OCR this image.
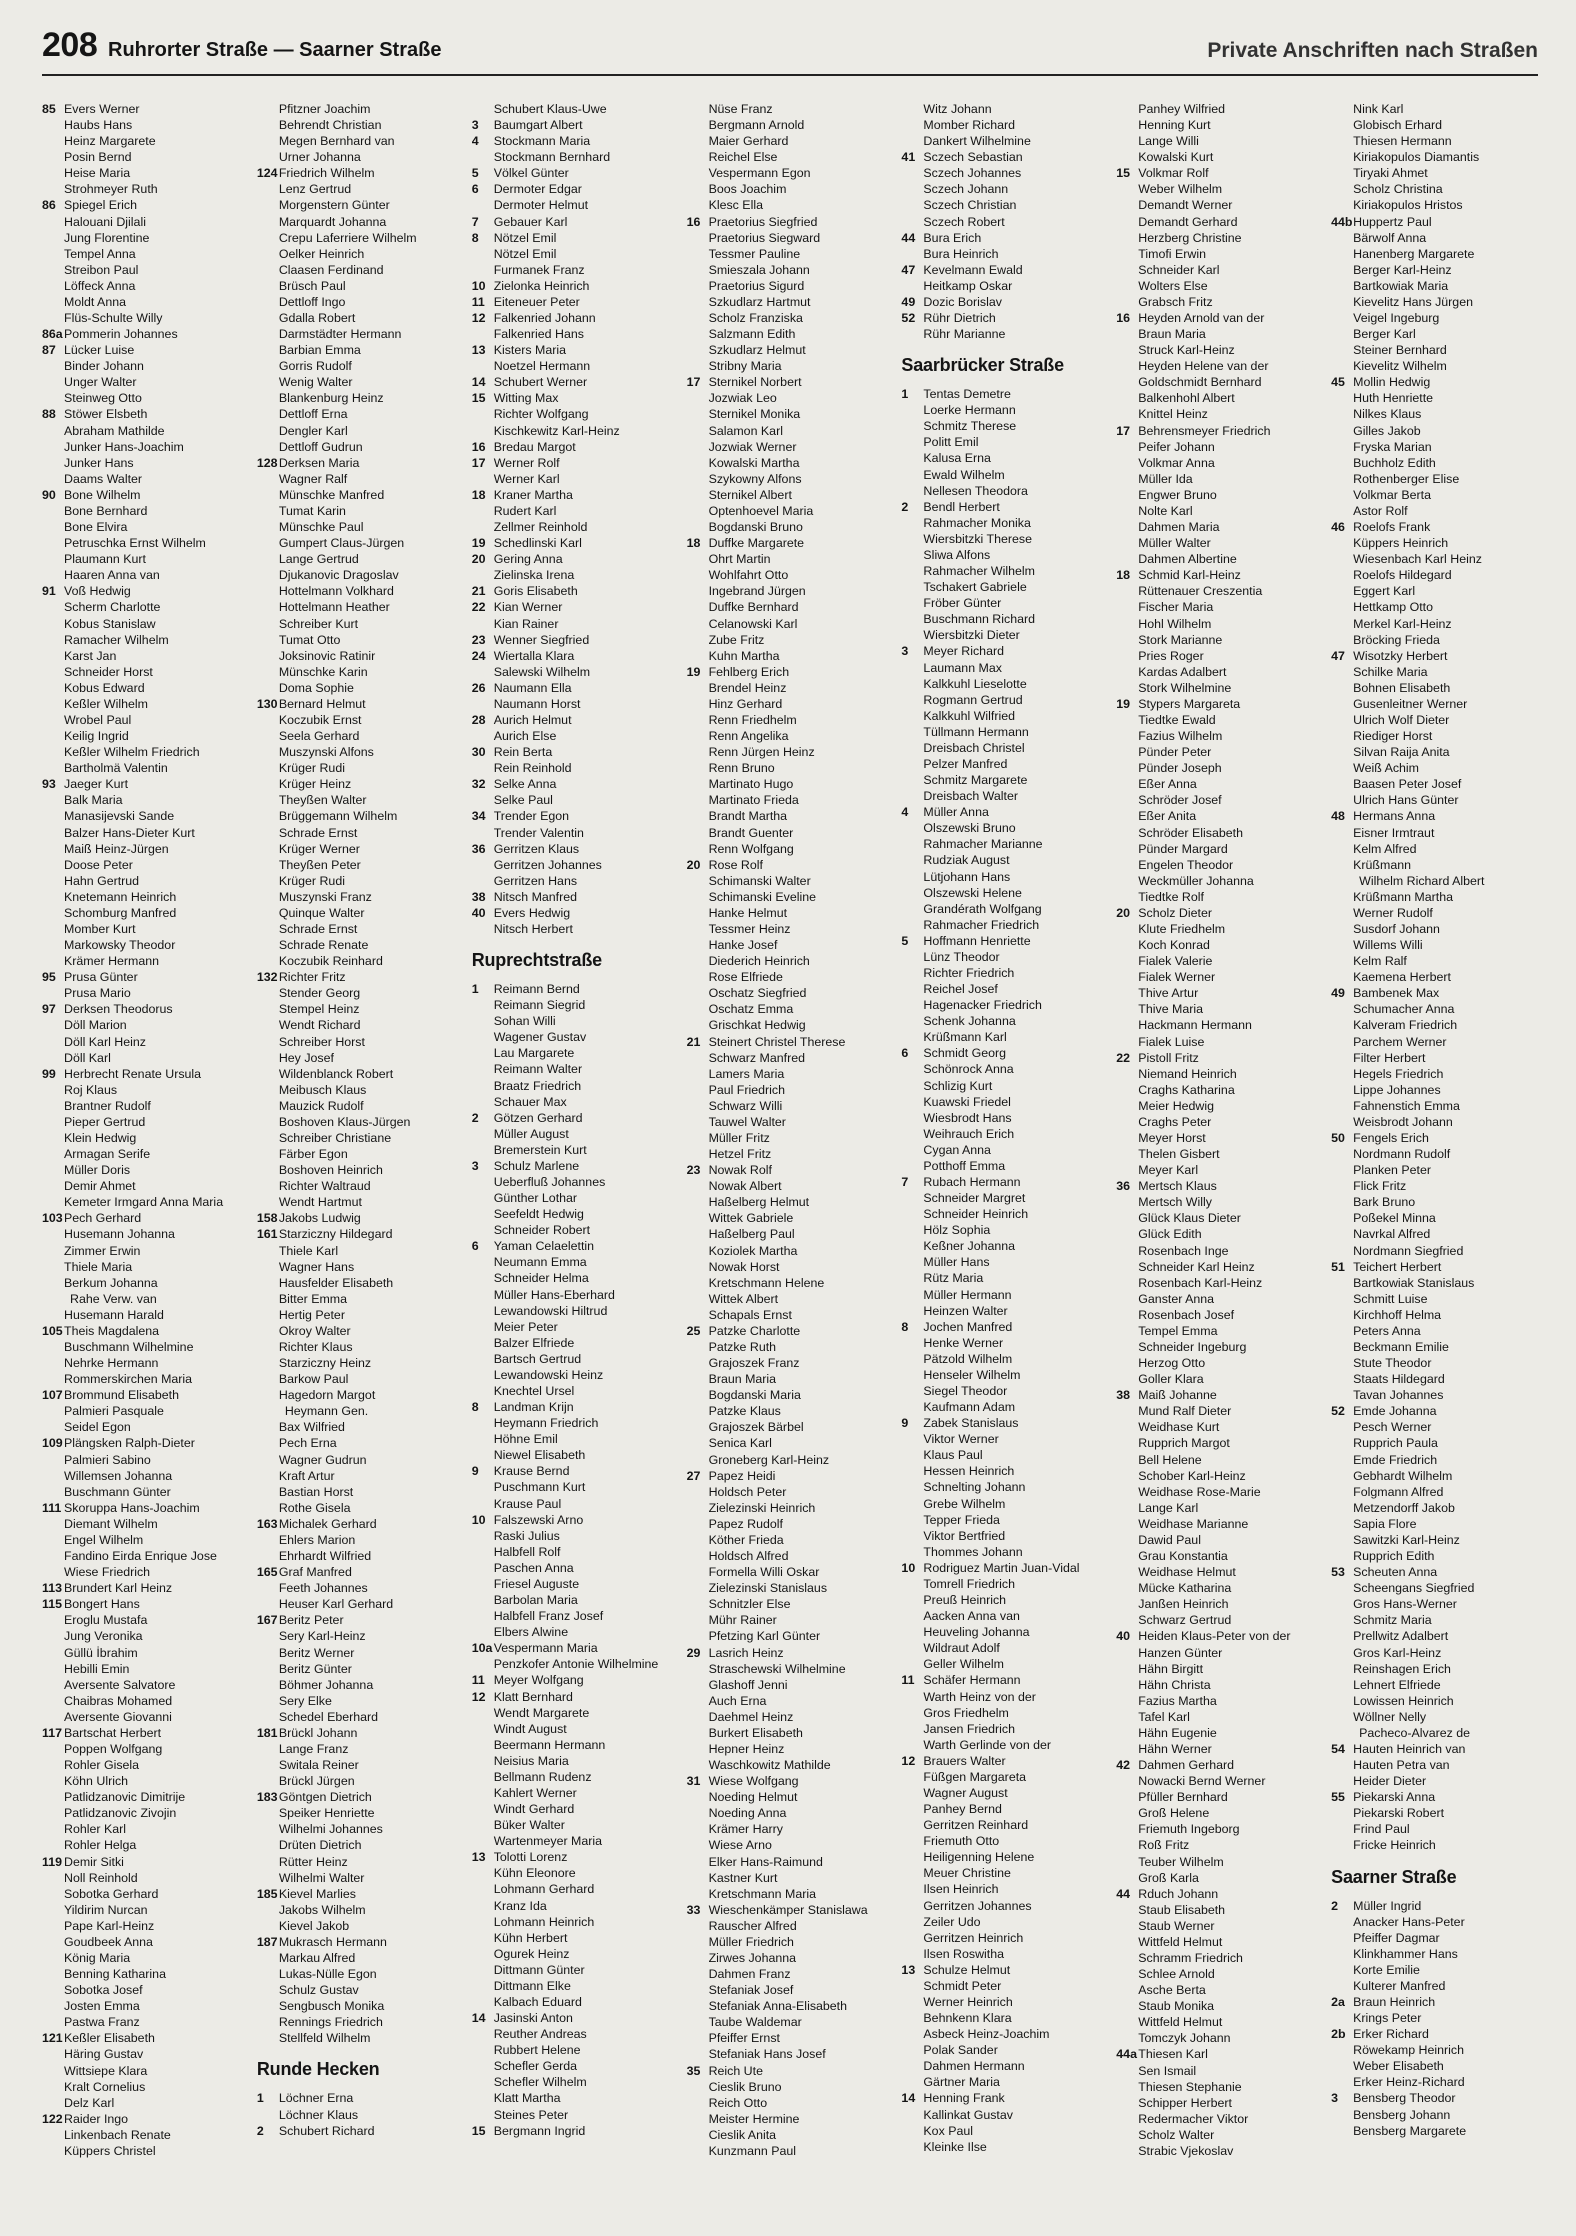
208 Ruhrorter Straße — Saarner Straße	Private Anschriften nach Straßen
85 Evers Werner
Haubs Hans
Heinz Margarete
Posin Bernd
Heise Maria
Strohmeyer Ruth
86 Spiegel Erich
Halouani Djilali
Jung Florentine
Tempel Anna
Streibon Paul
Löffeck Anna
Moldt Anna
Flüs-Schulte Willy
86aPommerin Johannes
87 Lücker Luise
Binder Johann
Unger Walter
Steinweg Otto
88 Stöwer Elsbeth
Abraham Mathilde
Junker Hans-Joachim
Junker Hans
Daams Walter
90 Bone Wilhelm
Bone Bernhard
Bone Elvira
Petruschka Ernst Wilhelm
Plaumann Kurt
Haaren Anna van
91 Voß Hedwig
Scherm Charlotte
Kobus Stanislaw
Ramacher Wilhelm
Karst Jan
Schneider Horst
Kobus Edward
Keßler Wilhelm
Wrobel Paul
Keilig Ingrid
Keßler Wilhelm Friedrich
Bartholmä Valentin
93 Jaeger Kurt
Balk Maria
Manasijevski Sande
Balzer Hans-Dieter Kurt
Maiß Heinz-Jürgen
Doose Peter
Hahn Gertrud
Knetemann Heinrich
Schomburg Manfred
Momber Kurt
Markowsky Theodor
Krämer Hermann
95 Prusa Günter
Prusa Mario
97 Derksen Theodorus
Döll Marion
Döll Karl Heinz
Döll Karl
99 Herbrecht Renate Ursula
Roj Klaus
Brantner Rudolf
Pieper Gertrud
Klein Hedwig
Armagan Serife
Müller Doris
Demir Ahmet
Kemeter Irmgard Anna Maria
103Pech Gerhard
Husemann Johanna
Zimmer Erwin
Thiele Maria
Berkum Johanna
Rahe Verw. van
Husemann Harald
105Theis Magdalena
Buschmann Wilhelmine
Nehrke Hermann
Rommerskirchen Maria
107Brommund Elisabeth
Palmieri Pasquale
Seidel Egon
109Plängsken Ralph-Dieter
Palmieri Sabino
Willemsen Johanna
Buschmann Günter
111 Skoruppa Hans-Joachim
Diemant Wilhelm
Engel Wilhelm
Fandino Eirda Enrique Jose
Wiese Friedrich
113 Brundert Karl Heinz
115 Bongert Hans
Eroglu Mustafa
Jung Veronika
Güllü İbrahim
Hebilli Emin
Aversente Salvatore
Chaibras Mohamed
Aversente Giovanni
117 Bartschat Herbert
Poppen Wolfgang
Rohler Gisela
Köhn Ulrich
Patlidzanovic Dimitrije
Patlidzanovic Zivojin
Rohler Karl
Rohler Helga
119 Demir Sitki
Noll Reinhold
Sobotka Gerhard
Yildirim Nurcan
Pape Karl-Heinz
Goudbeek Anna
König Maria
Benning Katharina
Sobotka Josef
Josten Emma
Pastwa Franz
121Keßler Elisabeth
Häring Gustav
Wittsiepe Klara
Kralt Cornelius
Delz Karl
122Raider Ingo
Linkenbach Renate
Küppers Christel
Pfitzner Joachim
Behrendt Christian
Megen Bernhard van
Urner Johanna
124Friedrich Wilhelm
Lenz Gertrud
Morgenstern Günter
Marquardt Johanna
Crepu Laferriere Wilhelm
Oelker Heinrich
Claasen Ferdinand
Brüsch Paul
Dettloff Ingo
Gdalla Robert
Darmstädter Hermann
Barbian Emma
Gorris Rudolf
Wenig Walter
Blankenburg Heinz
Dettloff Erna
Dengler Karl
Dettloff Gudrun
128Derksen Maria
Wagner Ralf
Münschke Manfred
Tumat Karin
Münschke Paul
Gumpert Claus-Jürgen
Lange Gertrud
Djukanovic Dragoslav
Hottelmann Volkhard
Hottelmann Heather
Schreiber Kurt
Tumat Otto
Joksinovic Ratinir
Münschke Karin
Doma Sophie
130Bernard Helmut
Koczubik Ernst
Seela Gerhard
Muszynski Alfons
Krüger Rudi
Krüger Heinz
Theyßen Walter
Brüggemann Wilhelm
Schrade Ernst
Krüger Werner
Theyßen Peter
Krüger Rudi
Muszynski Franz
Quinque Walter
Schrade Ernst
Schrade Renate
Koczubik Reinhard
132Richter Fritz
Stender Georg
Stempel Heinz
Wendt Richard
Schreiber Horst
Hey Josef
Wildenblanck Robert
Meibusch Klaus
Mauzick Rudolf
Boshoven Klaus-Jürgen
Schreiber Christiane
Färber Egon
Boshoven Heinrich
Richter Waltraud
Wendt Hartmut
158Jakobs Ludwig
161Starziczny Hildegard
Thiele Karl
Wagner Hans
Hausfelder Elisabeth
Bitter Emma
Hertig Peter
Okroy Walter
Richter Klaus
Starziczny Heinz
Barkow Paul
Hagedorn Margot
Heymann Gen.
Bax Wilfried
Pech Erna
Wagner Gudrun
Kraft Artur
Bastian Horst
Rothe Gisela
163Michalek Gerhard
Ehlers Marion
Ehrhardt Wilfried
165Graf Manfred
Feeth Johannes
Heuser Karl Gerhard
167Beritz Peter
Sery Karl-Heinz
Beritz Werner
Beritz Günter
Böhmer Johanna
Sery Elke
Schedel Eberhard
181Brückl Johann
Lange Franz
Switala Reiner
Brückl Jürgen
183Göntgen Dietrich
Speiker Henriette
Wilhelmi Johannes
Drüten Dietrich
Rütter Heinz
Wilhelmi Walter
185Kievel Marlies
Jakobs Wilhelm
Kievel Jakob
187Mukrasch Hermann
Markau Alfred
Lukas-Nülle Egon
Schulz Gustav
Sengbusch Monika
Rennings Friedrich
Stellfeld Wilhelm
Runde Hecken
1 Löchner Erna
Löchner Klaus
2 Schubert Richard
Schubert Klaus-Uwe
3 Baumgart Albert
4 Stockmann Maria
Stockmann Bernhard
5 Völkel Günter
6 Dermoter Edgar
Dermoter Helmut
7 Gebauer Karl
8 Nötzel Emil
Nötzel Emil
Furmanek Franz
10 Zielonka Heinrich
11 Eiteneuer Peter
12 Falkenried Johann
Falkenried Hans
13 Kisters Maria
Noetzel Hermann
14 Schubert Werner
15 Witting Max
Richter Wolfgang
Kischkewitz Karl-Heinz
16 Bredau Margot
17 Werner Rolf
Werner Karl
18 Kraner Martha
Rudert Karl
Zellmer Reinhold
19 Schedlinski Karl
20 Gering Anna
Zielinska Irena
21 Goris Elisabeth
22 Kian Werner
Kian Rainer
23 Wenner Siegfried
24 Wiertalla Klara
Salewski Wilhelm
26 Naumann Ella
Naumann Horst
28 Aurich Helmut
Aurich Else
30 Rein Berta
Rein Reinhold
32 Selke Anna
Selke Paul
34 Trender Egon
Trender Valentin
36 Gerritzen Klaus
Gerritzen Johannes
Gerritzen Hans
38 Nitsch Manfred
40 Evers Hedwig
Nitsch Herbert
Ruprechtstraße
1 Reimann Bernd
Reimann Siegrid
Sohan Willi
Wagener Gustav
Lau Margarete
Reimann Walter
Braatz Friedrich
Schauer Max
2 Götzen Gerhard
Müller August
Bremerstein Kurt
3 Schulz Marlene
Ueberfluß Johannes
Günther Lothar
Seefeldt Hedwig
Schneider Robert
6 Yaman Celaelettin
Neumann Emma
Schneider Helma
Müller Hans-Eberhard
Lewandowski Hiltrud
Meier Peter
Balzer Elfriede
Bartsch Gertrud
Lewandowski Heinz
Knechtel Ursel
8 Landman Krijn
Heymann Friedrich
Höhne Emil
Niewel Elisabeth
9 Krause Bernd
Puschmann Kurt
Krause Paul
10 Falszewski Arno
Raski Julius
Halbfell Rolf
Paschen Anna
Friesel Auguste
Barbolan Maria
Halbfell Franz Josef
Elbers Alwine
10aVespermann Maria
Penzkofer Antonie Wilhelmine
11 Meyer Wolfgang
12 Klatt Bernhard
Wendt Margarete
Windt August
Beermann Hermann
Neisius Maria
Bellmann Rudenz
Kahlert Werner
Windt Gerhard
Büker Walter
Wartenmeyer Maria
13 Tolotti Lorenz
Kühn Eleonore
Lohmann Gerhard
Kranz Ida
Lohmann Heinrich
Kühn Herbert
Ogurek Heinz
Dittmann Günter
Dittmann Elke
Kalbach Eduard
14 Jasinski Anton
Reuther Andreas
Rubbert Helene
Schefler Gerda
Schefler Wilhelm
Klatt Martha
Steines Peter
15 Bergmann Ingrid
Nüse Franz
Bergmann Arnold
Maier Gerhard
Reichel Else
Vespermann Egon
Boos Joachim
Klesc Ella
16 Praetorius Siegfried
Praetorius Siegward
Tessmer Pauline
Smieszala Johann
Praetorius Sigurd
Szkudlarz Hartmut
Scholz Franziska
Salzmann Edith
Szkudlarz Helmut
Stribny Maria
17 Sternikel Norbert
Jozwiak Leo
Sternikel Monika
Salamon Karl
Jozwiak Werner
Kowalski Martha
Szykowny Alfons
Sternikel Albert
Optenhoevel Maria
Bogdanski Bruno
18 Duffke Margarete
Ohrt Martin
Wohlfahrt Otto
Ingebrand Jürgen
Duffke Bernhard
Celanowski Karl
Zube Fritz
Kuhn Martha
19 Fehlberg Erich
Brendel Heinz
Hinz Gerhard
Renn Friedhelm
Renn Angelika
Renn Jürgen Heinz
Renn Bruno
Martinato Hugo
Martinato Frieda
Brandt Martha
Brandt Guenter
Renn Wolfgang
20 Rose Rolf
Schimanski Walter
Schimanski Eveline
Hanke Helmut
Tessmer Heinz
Hanke Josef
Diederich Heinrich
Rose Elfriede
Oschatz Siegfried
Oschatz Emma
Grischkat Hedwig
21 Steinert Christel Therese
Schwarz Manfred
Lamers Maria
Paul Friedrich
Schwarz Willi
Tauwel Walter
Müller Fritz
Hetzel Fritz
23 Nowak Rolf
Nowak Albert
Haßelberg Helmut
Wittek Gabriele
Haßelberg Paul
Koziolek Martha
Nowak Horst
Kretschmann Helene
Wittek Albert
Schapals Ernst
25 Patzke Charlotte
Patzke Ruth
Grajoszek Franz
Braun Maria
Bogdanski Maria
Patzke Klaus
Grajoszek Bärbel
Senica Karl
Groneberg Karl-Heinz
27 Papez Heidi
Holdsch Peter
Zielezinski Heinrich
Papez Rudolf
Köther Frieda
Holdsch Alfred
Formella Willi Oskar
Zielezinski Stanislaus
Schnitzler Else
Mühr Rainer
Pfetzing Karl Günter
29 Lasrich Heinz
Straschewski Wilhelmine
Glashoff Jenni
Auch Erna
Daehmel Heinz
Burkert Elisabeth
Hepner Heinz
Waschkowitz Mathilde
31 Wiese Wolfgang
Noeding Helmut
Noeding Anna
Krämer Harry
Wiese Arno
Elker Hans-Raimund
Kastner Kurt
Kretschmann Maria
33 Wieschenkämper Stanislawa
Rauscher Alfred
Müller Friedrich
Zirwes Johanna
Dahmen Franz
Stefaniak Josef
Stefaniak Anna-Elisabeth
Taube Waldemar
Pfeiffer Ernst
Stefaniak Hans Josef
35 Reich Ute
Cieslik Bruno
Reich Otto
Meister Hermine
Cieslik Anita
Kunzmann Paul
Witz Johann
Momber Richard
Dankert Wilhelmine
41 Sczech Sebastian
Sczech Johannes
Sczech Johann
Sczech Christian
Sczech Robert
44 Bura Erich
Bura Heinrich
47 Kevelmann Ewald
Heitkamp Oskar
49 Dozic Borislav
52 Rühr Dietrich
Rühr Marianne
Saarbrücker Straße
1 Tentas Demetre
Loerke Hermann
Schmitz Therese
Politt Emil
Kalusa Erna
Ewald Wilhelm
Nellesen Theodora
2 Bendl Herbert
Rahmacher Monika
Wiersbitzki Therese
Sliwa Alfons
Rahmacher Wilhelm
Tschakert Gabriele
Fröber Günter
Buschmann Richard
Wiersbitzki Dieter
3 Meyer Richard
Laumann Max
Kalkkuhl Lieselotte
Rogmann Gertrud
Kalkkuhl Wilfried
Tüllmann Hermann
Dreisbach Christel
Pelzer Manfred
Schmitz Margarete
Dreisbach Walter
4 Müller Anna
Olszewski Bruno
Rahmacher Marianne
Rudziak August
Lütjohann Hans
Olszewski Helene
Grandérath Wolfgang
Rahmacher Friedrich
5 Hoffmann Henriette
Lünz Theodor
Richter Friedrich
Reichel Josef
Hagenacker Friedrich
Schenk Johanna
Krüßmann Karl
6 Schmidt Georg
Schönrock Anna
Schlizig Kurt
Kuawski Friedel
Wiesbrodt Hans
Weihrauch Erich
Cygan Anna
Potthoff Emma
7 Rubach Hermann
Schneider Margret
Schneider Heinrich
Hölz Sophia
Keßner Johanna
Müller Hans
Rütz Maria
Müller Hermann
Heinzen Walter
8 Jochen Manfred
Henke Werner
Pätzold Wilhelm
Henseler Wilhelm
Siegel Theodor
Kaufmann Adam
9 Zabek Stanislaus
Viktor Werner
Klaus Paul
Hessen Heinrich
Schnelting Johann
Grebe Wilhelm
Tepper Frieda
Viktor Bertfried
Thommes Johann
10 Rodriguez Martin Juan-Vidal
Tomrell Friedrich
Preuß Heinrich
Aacken Anna van
Heuveling Johanna
Wildraut Adolf
Geller Wilhelm
11 Schäfer Hermann
Warth Heinz von der
Gros Friedhelm
Jansen Friedrich
Warth Gerlinde von der
12 Brauers Walter
Füßgen Margareta
Wagner August
Panhey Bernd
Gerritzen Reinhard
Friemuth Otto
Heiligenning Helene
Meuer Christine
Ilsen Heinrich
Gerritzen Johannes
Zeiler Udo
Gerritzen Heinrich
Ilsen Roswitha
13 Schulze Helmut
Schmidt Peter
Werner Heinrich
Behnkenn Klara
Asbeck Heinz-Joachim
Polak Sander
Dahmen Hermann
Gärtner Maria
14 Henning Frank
Kallinkat Gustav
Kox Paul
Kleinke Ilse
Panhey Wilfried
Henning Kurt
Lange Willi
Kowalski Kurt
15 Volkmar Rolf
Weber Wilhelm
Demandt Werner
Demandt Gerhard
Herzberg Christine
Timofi Erwin
Schneider Karl
Wolters Else
Grabsch Fritz
16 Heyden Arnold van der
Braun Maria
Struck Karl-Heinz
Heyden Helene van der
Goldschmidt Bernhard
Balkenhohl Albert
Knittel Heinz
17 Behrensmeyer Friedrich
Peifer Johann
Volkmar Anna
Müller Ida
Engwer Bruno
Nolte Karl
Dahmen Maria
Müller Walter
Dahmen Albertine
18 Schmid Karl-Heinz
Rüttenauer Creszentia
Fischer Maria
Hohl Wilhelm
Stork Marianne
Pries Roger
Kardas Adalbert
Stork Wilhelmine
19 Stypers Margareta
Tiedtke Ewald
Fazius Wilhelm
Pünder Peter
Pünder Joseph
Eßer Anna
Schröder Josef
Eßer Anita
Schröder Elisabeth
Pünder Margard
Engelen Theodor
Weckmüller Johanna
Tiedtke Rolf
20 Scholz Dieter
Klute Friedhelm
Koch Konrad
Fialek Valerie
Fialek Werner
Thive Artur
Thive Maria
Hackmann Hermann
Fialek Luise
22 Pistoll Fritz
Niemand Heinrich
Craghs Katharina
Meier Hedwig
Craghs Peter
Meyer Horst
Thelen Gisbert
Meyer Karl
36 Mertsch Klaus
Mertsch Willy
Glück Klaus Dieter
Glück Edith
Rosenbach Inge
Schneider Karl Heinz
Rosenbach Karl-Heinz
Ganster Anna
Rosenbach Josef
Tempel Emma
Schneider Ingeburg
Herzog Otto
Goller Klara
38 Maiß Johanne
Mund Ralf Dieter
Weidhase Kurt
Rupprich Margot
Bell Helene
Schober Karl-Heinz
Weidhase Rose-Marie
Lange Karl
Weidhase Marianne
Dawid Paul
Grau Konstantia
Weidhase Helmut
Mücke Katharina
Janßen Heinrich
Schwarz Gertrud
40 Heiden Klaus-Peter von der
Hanzen Günter
Hähn Birgitt
Hähn Christa
Fazius Martha
Tafel Karl
Hähn Eugenie
Hähn Werner
42 Dahmen Gerhard
Nowacki Bernd Werner
Pfüller Bernhard
Groß Helene
Friemuth Ingeborg
Roß Fritz
Teuber Wilhelm
Groß Karla
44 Rduch Johann
Staub Elisabeth
Staub Werner
Wittfeld Helmut
Schramm Friedrich
Schlee Arnold
Asche Berta
Staub Monika
Wittfeld Helmut
Tomczyk Johann
44aThiesen Karl
Sen Ismail
Thiesen Stephanie
Schipper Herbert
Redermacher Viktor
Scholz Walter
Strabic Vjekoslav
Nink Karl
Globisch Erhard
Thiesen Hermann
Kiriakopulos Diamantis
Tiryaki Ahmet
Scholz Christina
Kiriakopulos Hristos
44bHuppertz Paul
Bärwolf Anna
Hanenberg Margarete
Berger Karl-Heinz
Bartkowiak Maria
Kievelitz Hans Jürgen
Veigel Ingeburg
Berger Karl
Steiner Bernhard
Kievelitz Wilhelm
45 Mollin Hedwig
Huth Henriette
Nilkes Klaus
Gilles Jakob
Fryska Marian
Buchholz Edith
Rothenberger Elise
Volkmar Berta
Astor Rolf
46 Roelofs Frank
Küppers Heinrich
Wiesenbach Karl Heinz
Roelofs Hildegard
Eggert Karl
Hettkamp Otto
Merkel Karl-Heinz
Bröcking Frieda
47 Wisotzky Herbert
Schilke Maria
Bohnen Elisabeth
Gusenleitner Werner
Ulrich Wolf Dieter
Riediger Horst
Silvan Raija Anita
Weiß Achim
Baasen Peter Josef
Ulrich Hans Günter
48 Hermans Anna
Eisner Irmtraut
Kelm Alfred
Krüßmann
Wilhelm Richard Albert
Krüßmann Martha
Werner Rudolf
Susdorf Johann
Willems Willi
Kelm Ralf
Kaemena Herbert
49 Bambenek Max
Schumacher Anna
Kalveram Friedrich
Parchem Werner
Filter Herbert
Hegels Friedrich
Lippe Johannes
Fahnenstich Emma
Weisbrodt Johann
50 Fengels Erich
Nordmann Rudolf
Planken Peter
Flick Fritz
Bark Bruno
Poßekel Minna
Navrkal Alfred
Nordmann Siegfried
51 Teichert Herbert
Bartkowiak Stanislaus
Schmitt Luise
Kirchhoff Helma
Peters Anna
Beckmann Emilie
Stute Theodor
Staats Hildegard
Tavan Johannes
52 Emde Johanna
Pesch Werner
Rupprich Paula
Emde Friedrich
Gebhardt Wilhelm
Folgmann Alfred
Metzendorff Jakob
Sapia Flore
Sawitzki Karl-Heinz
Rupprich Edith
53 Scheuten Anna
Scheengans Siegfried
Gros Hans-Werner
Schmitz Maria
Prellwitz Adalbert
Gros Karl-Heinz
Reinshagen Erich
Lehnert Elfriede
Lowissen Heinrich
Wöllner Nelly
Pacheco-Alvarez de
54 Hauten Heinrich van
Hauten Petra van
Heider Dieter
55 Piekarski Anna
Piekarski Robert
Frind Paul
Fricke Heinrich
Saarner Straße
2 Müller Ingrid
Anacker Hans-Peter
Pfeiffer Dagmar
Klinkhammer Hans
Korte Emilie
Kulterer Manfred
2a Braun Heinrich
Krings Peter
2b Erker Richard
Röwekamp Heinrich
Weber Elisabeth
Erker Heinz-Richard
3 Bensberg Theodor
Bensberg Johann
Bensberg Margarete
